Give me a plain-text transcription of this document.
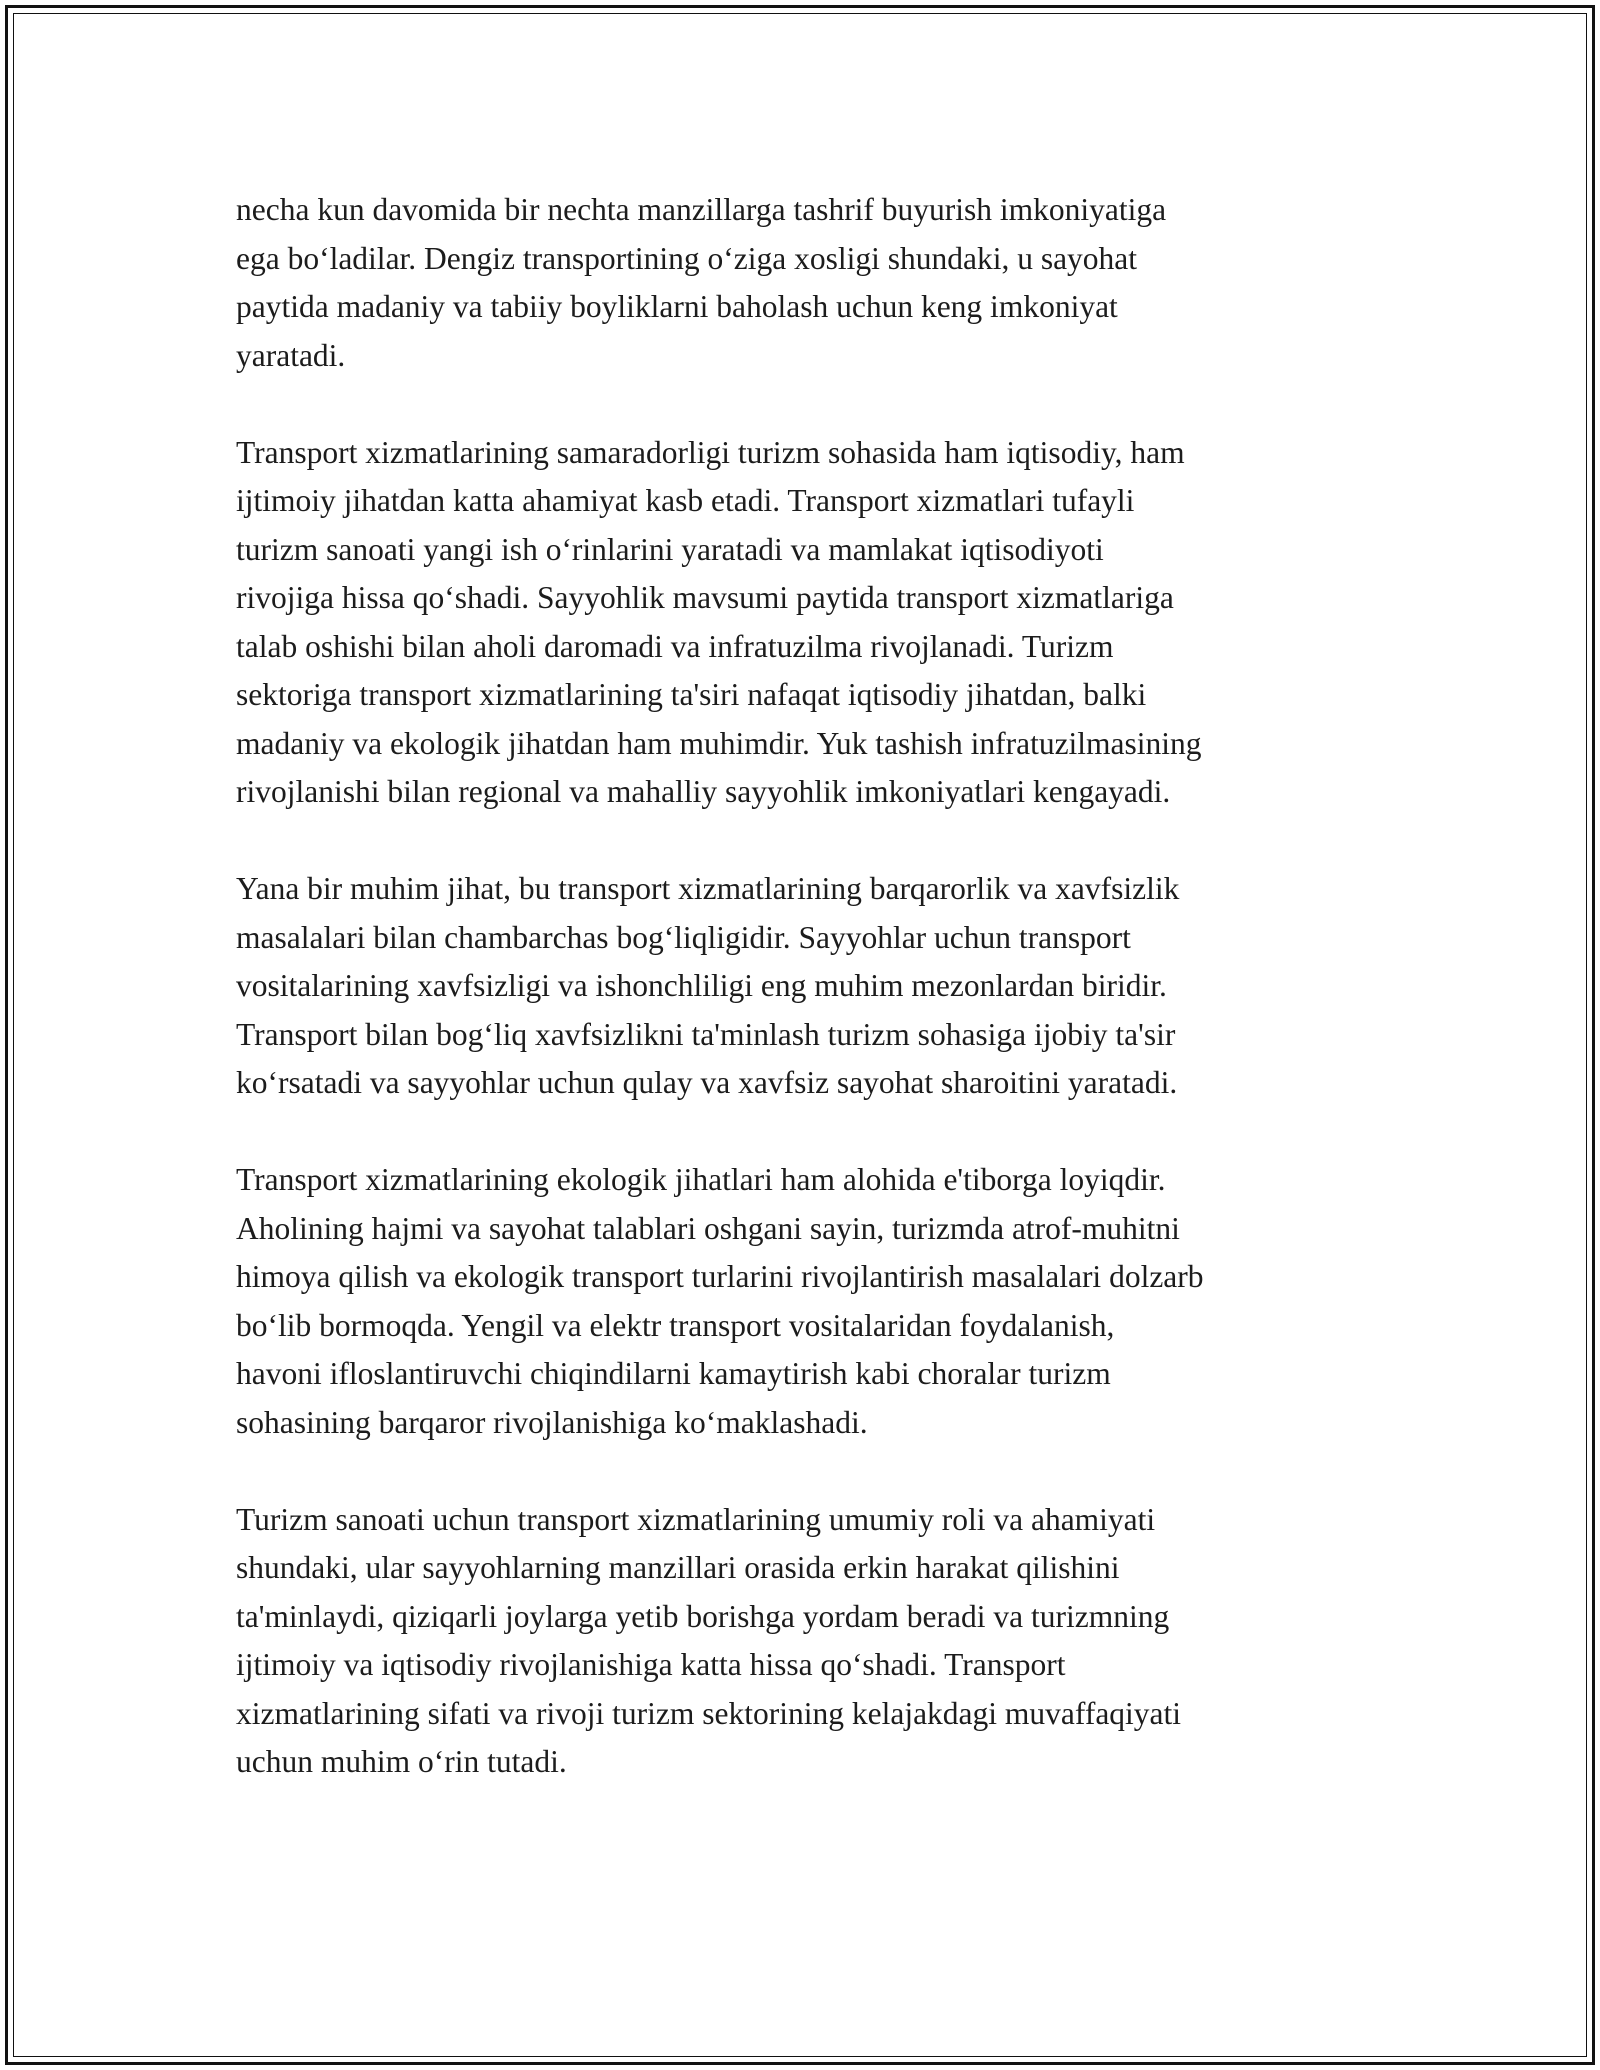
necha kun davomida bir nechta manzillarga tashrif buyurish imkoniyatiga
ega bo‘ladilar. Dengiz transportining o‘ziga xosligi shundaki, u sayohat
paytida madaniy va tabiiy boyliklarni baholash uchun keng imkoniyat
yaratadi.

Transport xizmatlarining samaradorligi turizm sohasida ham iqtisodiy, ham
ijtimoiy jihatdan katta ahamiyat kasb etadi. Transport xizmatlari tufayli
turizm sanoati yangi ish o‘rinlarini yaratadi va mamlakat iqtisodiyoti
rivojiga hissa qo‘shadi. Sayyohlik mavsumi paytida transport xizmatlariga
talab oshishi bilan aholi daromadi va infratuzilma rivojlanadi. Turizm
sektoriga transport xizmatlarining ta'siri nafaqat iqtisodiy jihatdan, balki
madaniy va ekologik jihatdan ham muhimdir. Yuk tashish infratuzilmasining
rivojlanishi bilan regional va mahalliy sayyohlik imkoniyatlari kengayadi.

Yana bir muhim jihat, bu transport xizmatlarining barqarorlik va xavfsizlik
masalalari bilan chambarchas bog‘liqligidir. Sayyohlar uchun transport
vositalarining xavfsizligi va ishonchliligi eng muhim mezonlardan biridir.
Transport bilan bog‘liq xavfsizlikni ta'minlash turizm sohasiga ijobiy ta'sir
ko‘rsatadi va sayyohlar uchun qulay va xavfsiz sayohat sharoitini yaratadi.

Transport xizmatlarining ekologik jihatlari ham alohida e'tiborga loyiqdir.
Aholining hajmi va sayohat talablari oshgani sayin, turizmda atrof-muhitni
himoya qilish va ekologik transport turlarini rivojlantirish masalalari dolzarb
bo‘lib bormoqda. Yengil va elektr transport vositalaridan foydalanish,
havoni ifloslantiruvchi chiqindilarni kamaytirish kabi choralar turizm
sohasining barqaror rivojlanishiga ko‘maklashadi.

Turizm sanoati uchun transport xizmatlarining umumiy roli va ahamiyati
shundaki, ular sayyohlarning manzillari orasida erkin harakat qilishini
ta'minlaydi, qiziqarli joylarga yetib borishga yordam beradi va turizmning
ijtimoiy va iqtisodiy rivojlanishiga katta hissa qo‘shadi. Transport
xizmatlarining sifati va rivoji turizm sektorining kelajakdagi muvaffaqiyati
uchun muhim o‘rin tutadi.
